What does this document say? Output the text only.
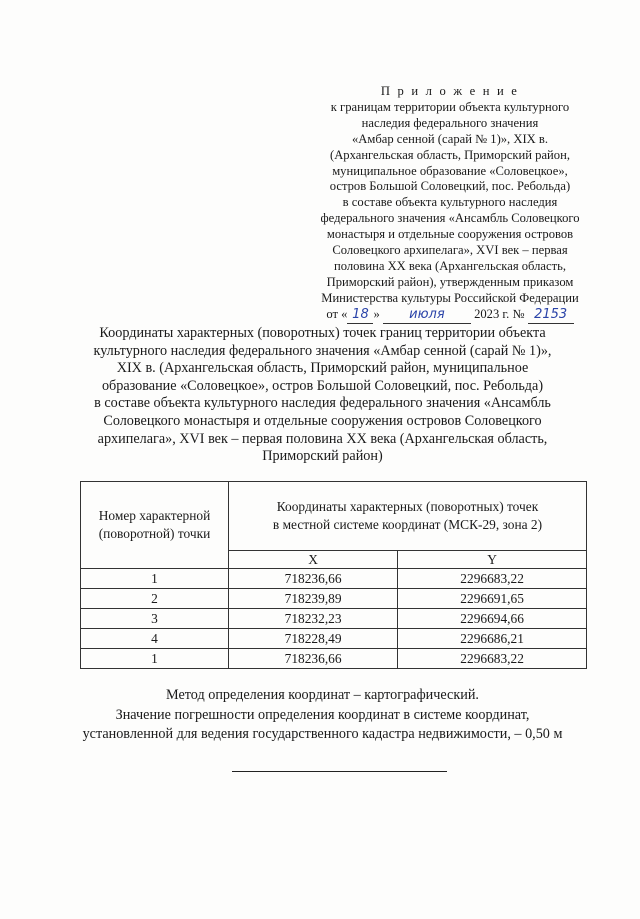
П р и л о ж е н и е
к границам территории объекта культурного
наследия федерального значения
«Амбар сенной (сарай № 1)», XIX в.
(Архангельская область, Приморский район,
муниципальное образование «Соловецкое»,
остров Большой Соловецкий, пос. Ребольда)
в составе объекта культурного наследия
федерального значения «Ансамбль Соловецкого
монастыря и отдельные сооружения островов
Соловецкого архипелага», XVI век – первая
половина XX века (Архангельская область,
Приморский район), утвержденным приказом
Министерства культуры Российской Федерации
от « 18 » июля 2023 г. № 2153
Координаты характерных (поворотных) точек границ территории объекта
культурного наследия федерального значения «Амбар сенной (сарай № 1)»,
XIX в. (Архангельская область, Приморский район, муниципальное
образование «Соловецкое», остров Большой Соловецкий, пос. Ребольда)
в составе объекта культурного наследия федерального значения «Ансамбль
Соловецкого монастыря и отдельные сооружения островов Соловецкого
архипелага», XVI век – первая половина XX века (Архангельская область,
Приморский район)
Номер характерной
(поворотной) точки	Координаты характерных (поворотных) точек
в местной системе координат (МСК-29, зона 2)	
	X	Y
1	718236,66	2296683,22
2	718239,89	2296691,65
3	718232,23	2296694,66
4	718228,49	2296686,21
1	718236,66	2296683,22
Метод определения координат – картографический.
Значение погрешности определения координат в системе координат,
установленной для ведения государственного кадастра недвижимости, – 0,50 м
